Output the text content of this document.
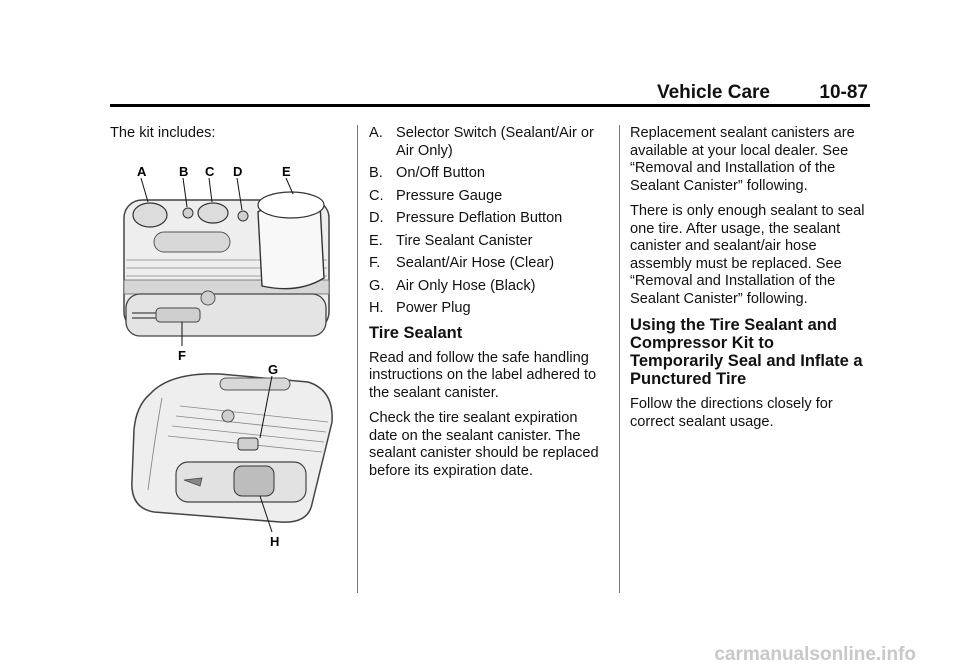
Vehicle Care	10-87

The kit includes:

A	B C D	E
F
G
H
A. Selector Switch (Sealant/Air or Air Only)
B. On/Off Button
C. Pressure Gauge
D. Pressure Deflation Button
E. Tire Sealant Canister
F.	Sealant/Air Hose (Clear)
G. Air Only Hose (Black)
H. Power Plug
Tire Sealant

Read and follow the safe handling instructions on the label adhered to the sealant canister.

Check the tire sealant expiration date on the sealant canister. The sealant canister should be replaced before its expiration date.

Replacement sealant canisters are available at your local dealer. See “Removal and Installation of the Sealant Canister” following.

There is only enough sealant to seal one tire. After usage, the sealant canister and sealant/air hose assembly must be replaced. See “Removal and Installation of the Sealant Canister” following.

Using the Tire Sealant and Compressor Kit to Temporarily Seal and Inflate a Punctured Tire

Follow the directions closely for correct sealant usage.

carmanualsonline.info
